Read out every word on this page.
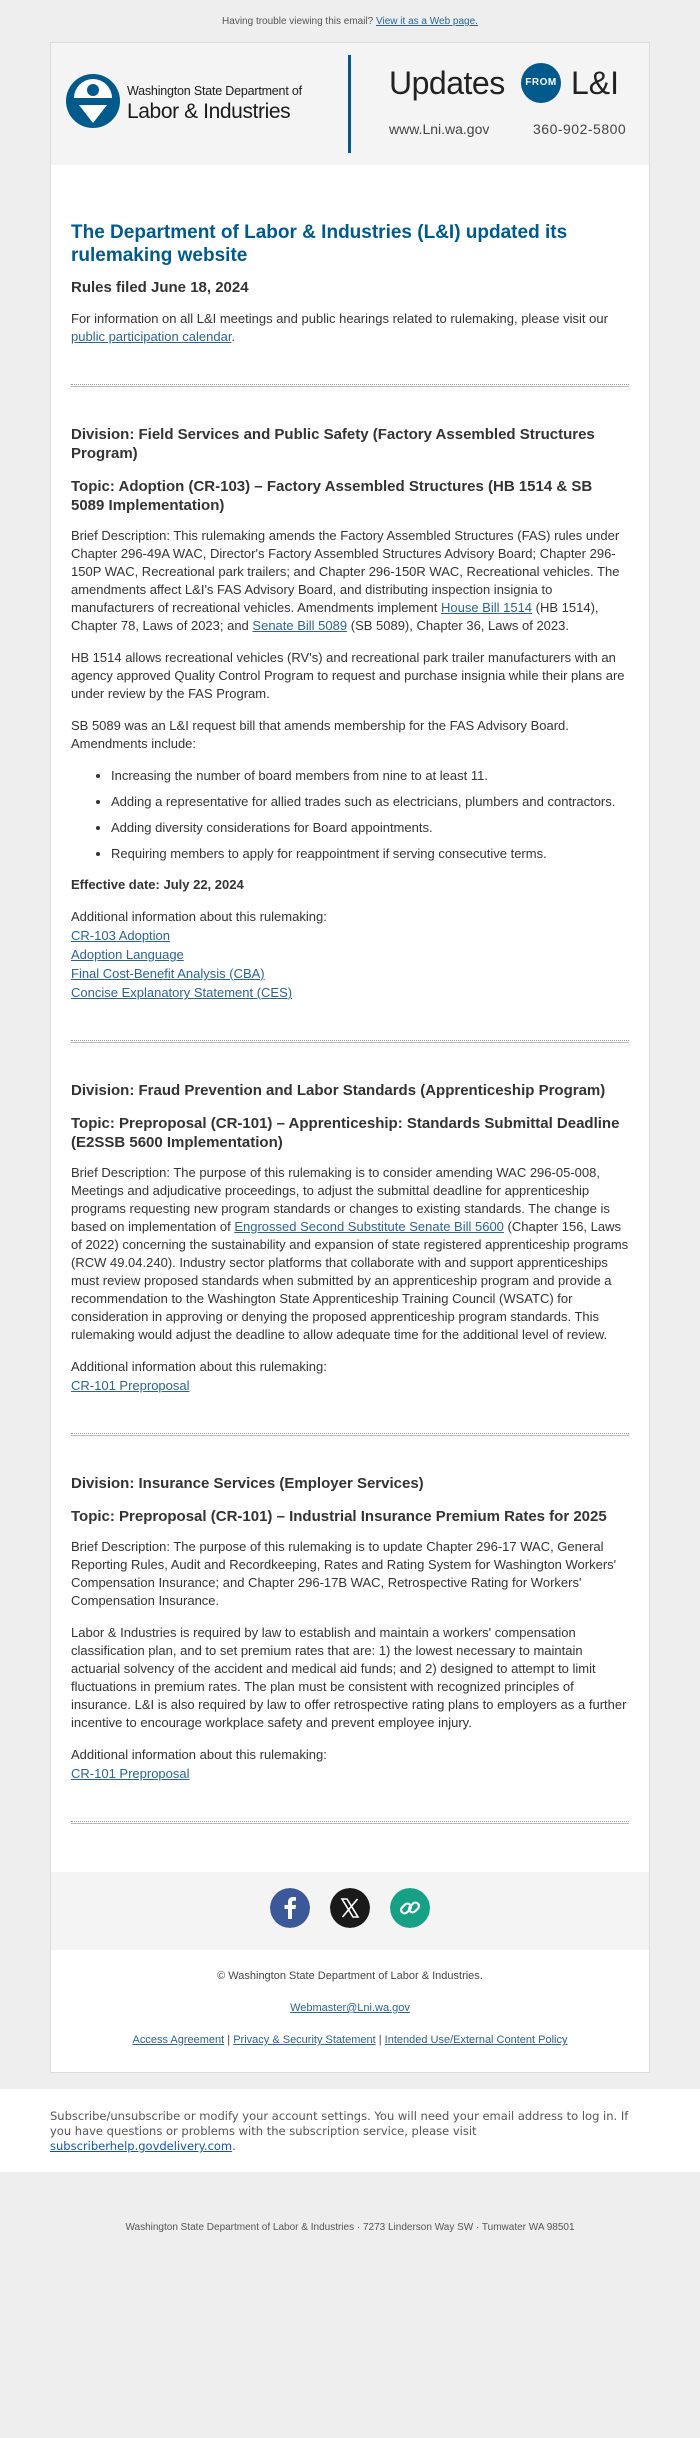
Having trouble viewing this email? View it as a Web page.
Washington State Department of
Labor & Industries
Updates	FROM L&I
www.Lni.wa.gov	360-902-5800
The Department of Labor & Industries (L&I) updated its rulemaking website
Rules filed June 18, 2024

For information on all L&I meetings and public hearings related to rulemaking, please visit our public participation calendar.

Division: Field Services and Public Safety (Factory Assembled Structures Program)
Topic: Adoption (CR-103) – Factory Assembled Structures (HB 1514 & SB 5089 Implementation)

Brief Description: This rulemaking amends the Factory Assembled Structures (FAS) rules under Chapter 296-49A WAC, Director's Factory Assembled Structures Advisory Board; Chapter 296-150P WAC, Recreational park trailers; and Chapter 296-150R WAC, Recreational vehicles. The amendments affect L&I's FAS Advisory Board, and distributing inspection insignia to manufacturers of recreational vehicles. Amendments implement House Bill 1514 (HB 1514), Chapter 78, Laws of 2023; and Senate Bill 5089 (SB 5089), Chapter 36, Laws of 2023.

HB 1514 allows recreational vehicles (RV's) and recreational park trailer manufacturers with an agency approved Quality Control Program to request and purchase insignia while their plans are under review by the FAS Program.

SB 5089 was an L&I request bill that amends membership for the FAS Advisory Board. Amendments include:

• Increasing the number of board members from nine to at least 11.
• Adding a representative for allied trades such as electricians, plumbers and contractors.
• Adding diversity considerations for Board appointments.
• Requiring members to apply for reappointment if serving consecutive terms.
Effective date: July 22, 2024

Additional information about this rulemaking:

CR-103 Adoption
Adoption Language
Final Cost-Benefit Analysis (CBA)
Concise Explanatory Statement (CES)
Division: Fraud Prevention and Labor Standards (Apprenticeship Program)
Topic: Preproposal (CR-101) – Apprenticeship: Standards Submittal Deadline (E2SSB 5600 Implementation)

Brief Description: The purpose of this rulemaking is to consider amending WAC 296-05-008, Meetings and adjudicative proceedings, to adjust the submittal deadline for apprenticeship programs requesting new program standards or changes to existing standards. The change is based on implementation of Engrossed Second Substitute Senate Bill 5600 (Chapter 156, Laws of 2022) concerning the sustainability and expansion of state registered apprenticeship programs (RCW 49.04.240). Industry sector platforms that collaborate with and support apprenticeships must review proposed standards when submitted by an apprenticeship program and provide a recommendation to the Washington State Apprenticeship Training Council (WSATC) for consideration in approving or denying the proposed apprenticeship program standards. This rulemaking would adjust the deadline to allow adequate time for the additional level of review.

Additional information about this rulemaking:

CR-101 Preproposal
Division: Insurance Services (Employer Services)
Topic: Preproposal (CR-101) – Industrial Insurance Premium Rates for 2025

Brief Description: The purpose of this rulemaking is to update Chapter 296-17 WAC, General Reporting Rules, Audit and Recordkeeping, Rates and Rating System for Washington Workers' Compensation Insurance; and Chapter 296-17B WAC, Retrospective Rating for Workers' Compensation Insurance.

Labor & Industries is required by law to establish and maintain a workers' compensation classification plan, and to set premium rates that are: 1) the lowest necessary to maintain actuarial solvency of the accident and medical aid funds; and 2) designed to attempt to limit fluctuations in premium rates. The plan must be consistent with recognized principles of insurance. L&I is also required by law to offer retrospective rating plans to employers as a further incentive to encourage workplace safety and prevent employee injury.

Additional information about this rulemaking:

CR-101 Preproposal

© Washington State Department of Labor & Industries.
Webmaster@Lni.wa.gov
Access Agreement | Privacy & Security Statement | Intended Use/External Content Policy
Subscribe/unsubscribe or modify your account settings. You will need your email address to log in. If you have questions or problems with the subscription service, please visit subscriberhelp.govdelivery.com.
Washington State Department of Labor & Industries · 7273 Linderson Way SW · Tumwater WA 98501
